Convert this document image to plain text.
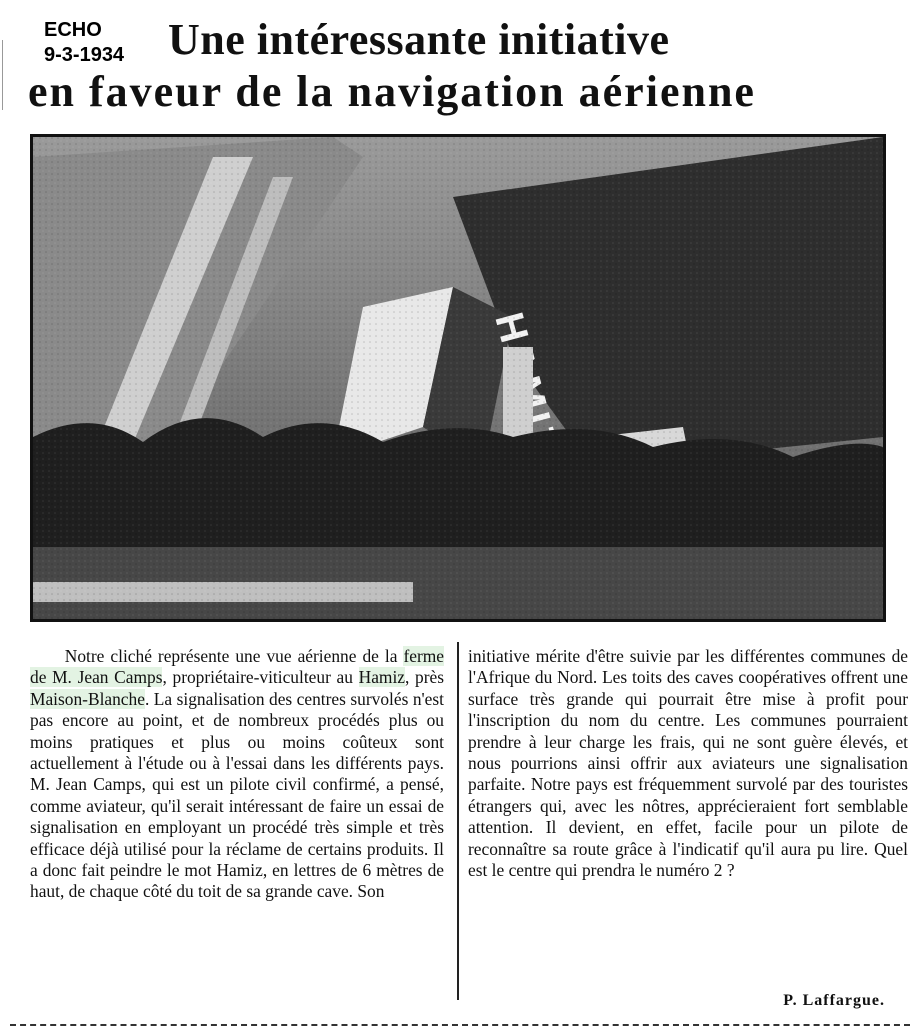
ECHO
9-3-1934 Une intéressante initiative
en faveur de la navigation aérienne
Notre cliché représente une vue aérienne de la ferme de M. Jean Camps, propriétaire-viticulteur au Hamiz, près Maison-Blanche. La signalisation des centres survolés n'est pas encore au point, et de nombreux procédés plus ou moins pratiques et plus ou moins coûteux sont actuellement à l'étude ou à l'essai dans les différents pays. M. Jean Camps, qui est un pilote civil confirmé, a pensé, comme aviateur, qu'il serait intéressant de faire un essai de signalisation en employant un procédé très simple et très efficace déjà utilisé pour la réclame de certains produits. Il a donc fait peindre le mot Hamiz, en lettres de 6 mètres de haut, de chaque côté du toit de sa grande cave. Son
initiative mérite d'être suivie par les différentes communes de l'Afrique du Nord. Les toits des caves coopératives offrent une surface très grande qui pourrait être mise à profit pour l'inscription du nom du centre. Les communes pourraient prendre à leur charge les frais, qui ne sont guère élevés, et nous pourrions ainsi offrir aux aviateurs une signalisation parfaite. Notre pays est fréquemment survolé par des touristes étrangers qui, avec les nôtres, apprécieraient fort semblable attention. Il devient, en effet, facile pour un pilote de reconnaître sa route grâce à l'indicatif qu'il aura pu lire. Quel est le centre qui prendra le numéro 2 ?
P. Laffargue.
